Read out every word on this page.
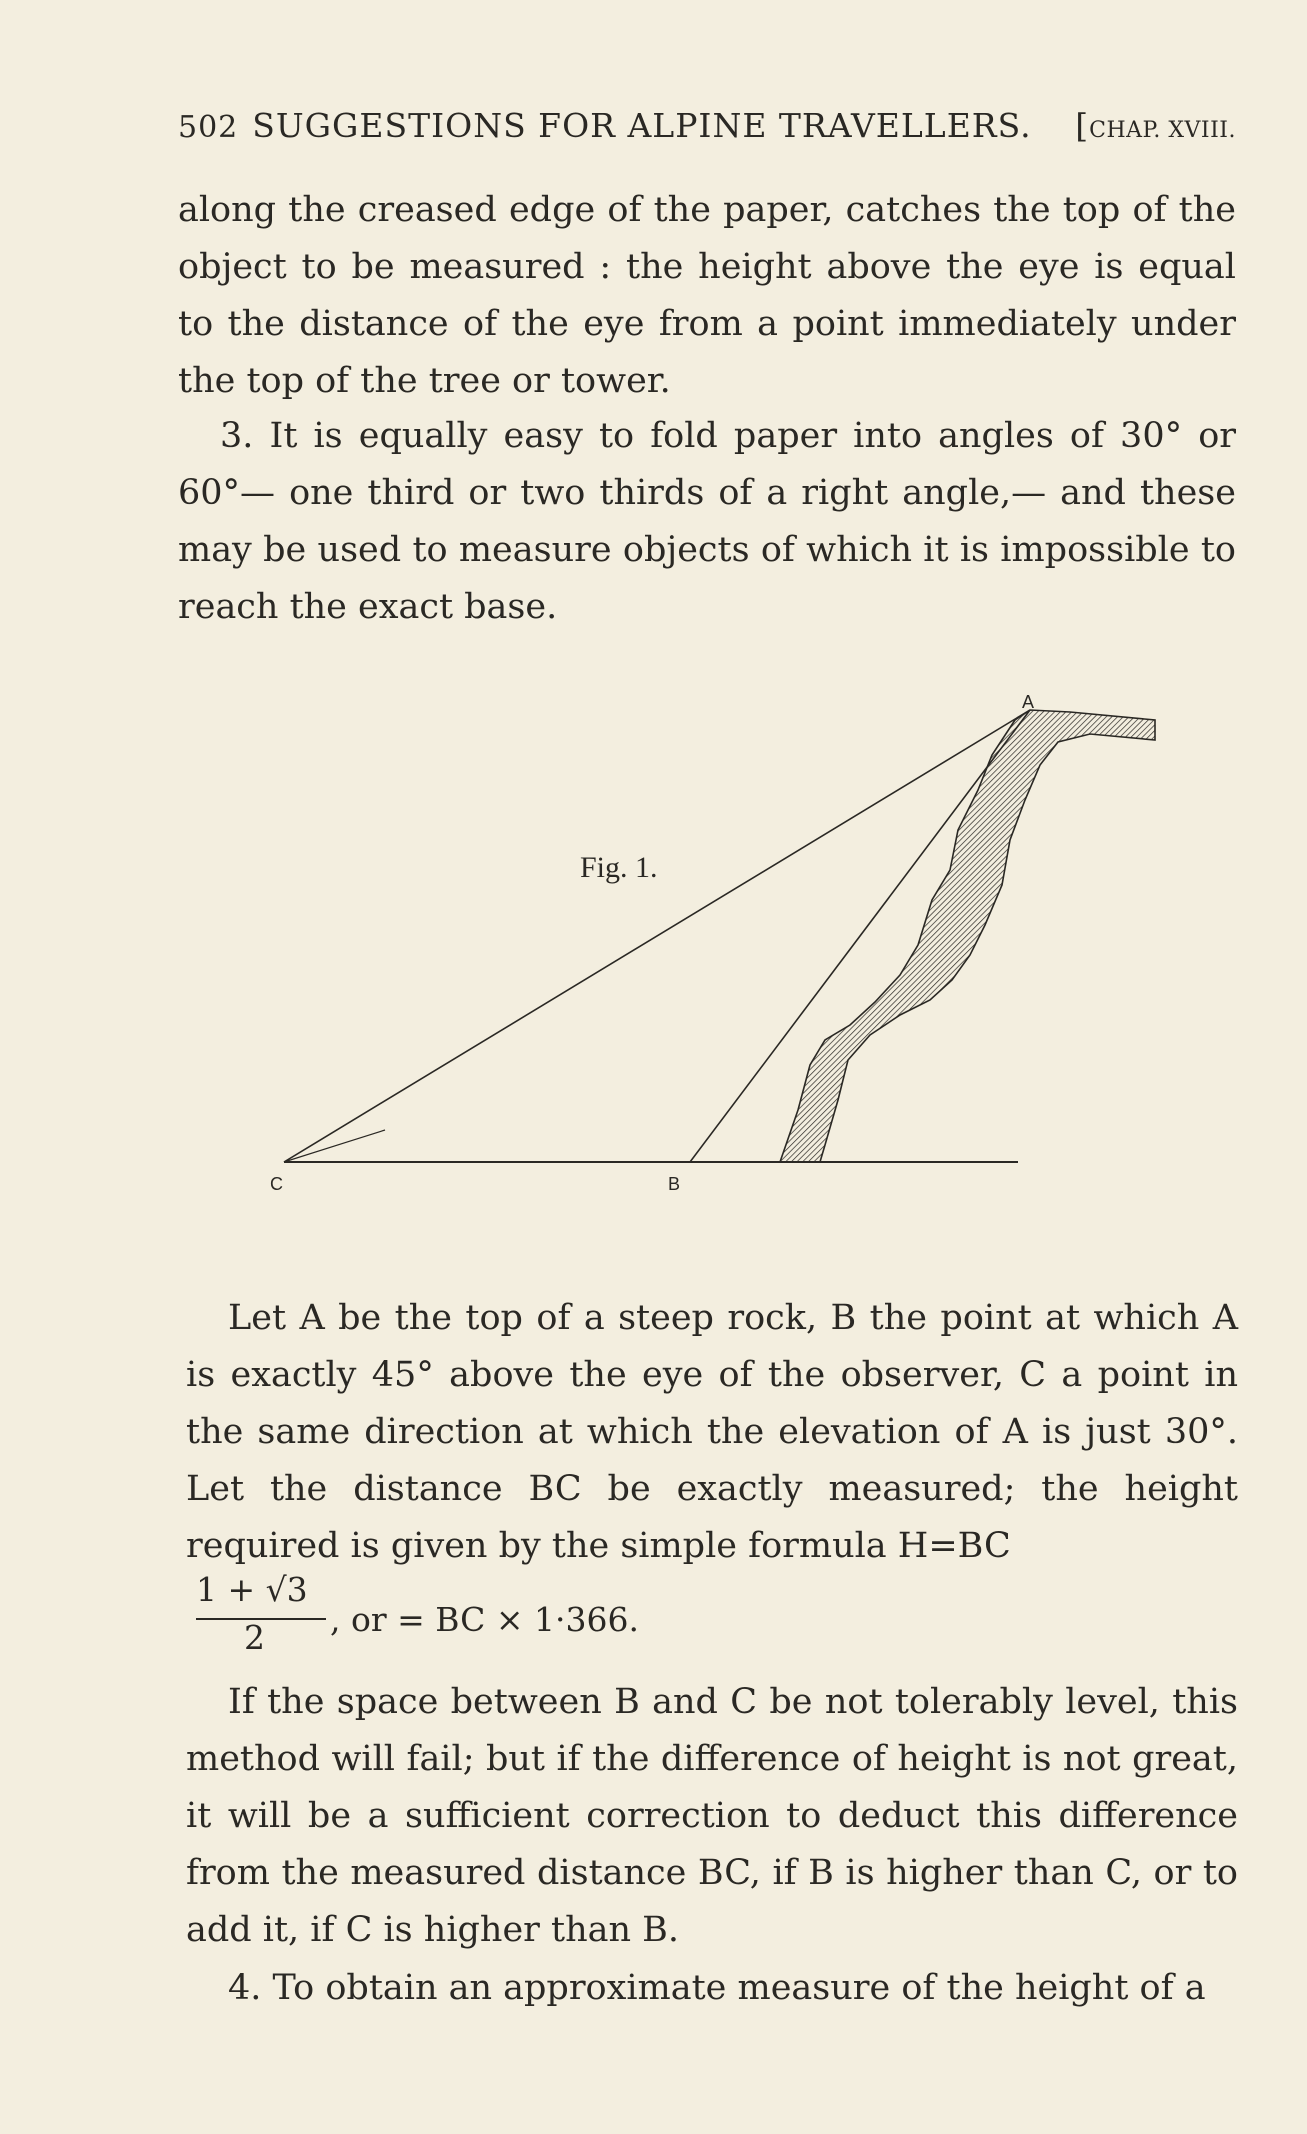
502 SUGGESTIONS FOR ALPINE TRAVELLERS. [CHAP. XVIII.

along the creased edge of the paper, catches the top of the object to be measured : the height above the eye is equal to the distance of the eye from a point immediately under the top of the tree or tower.

3. It is equally easy to fold paper into angles of 30° or 60°— one third or two thirds of a right angle,— and these may be used to measure objects of which it is impossible to reach the exact base.

Fig. 1.
A
B
C

Let A be the top of a steep rock, B the point at which A is exactly 45° above the eye of the observer, C a point in the same direction at which the elevation of A is just 30°. Let the distance BC be exactly measured; the height required is given by the simple formula H=BC

1 + √3
2 , or = BC × 1·366.

If the space between B and C be not tolerably level, this method will fail; but if the difference of height is not great, it will be a sufficient correction to deduct this difference from the measured distance BC, if B is higher than C, or to add it, if C is higher than B.

4. To obtain an approximate measure of the height of a
